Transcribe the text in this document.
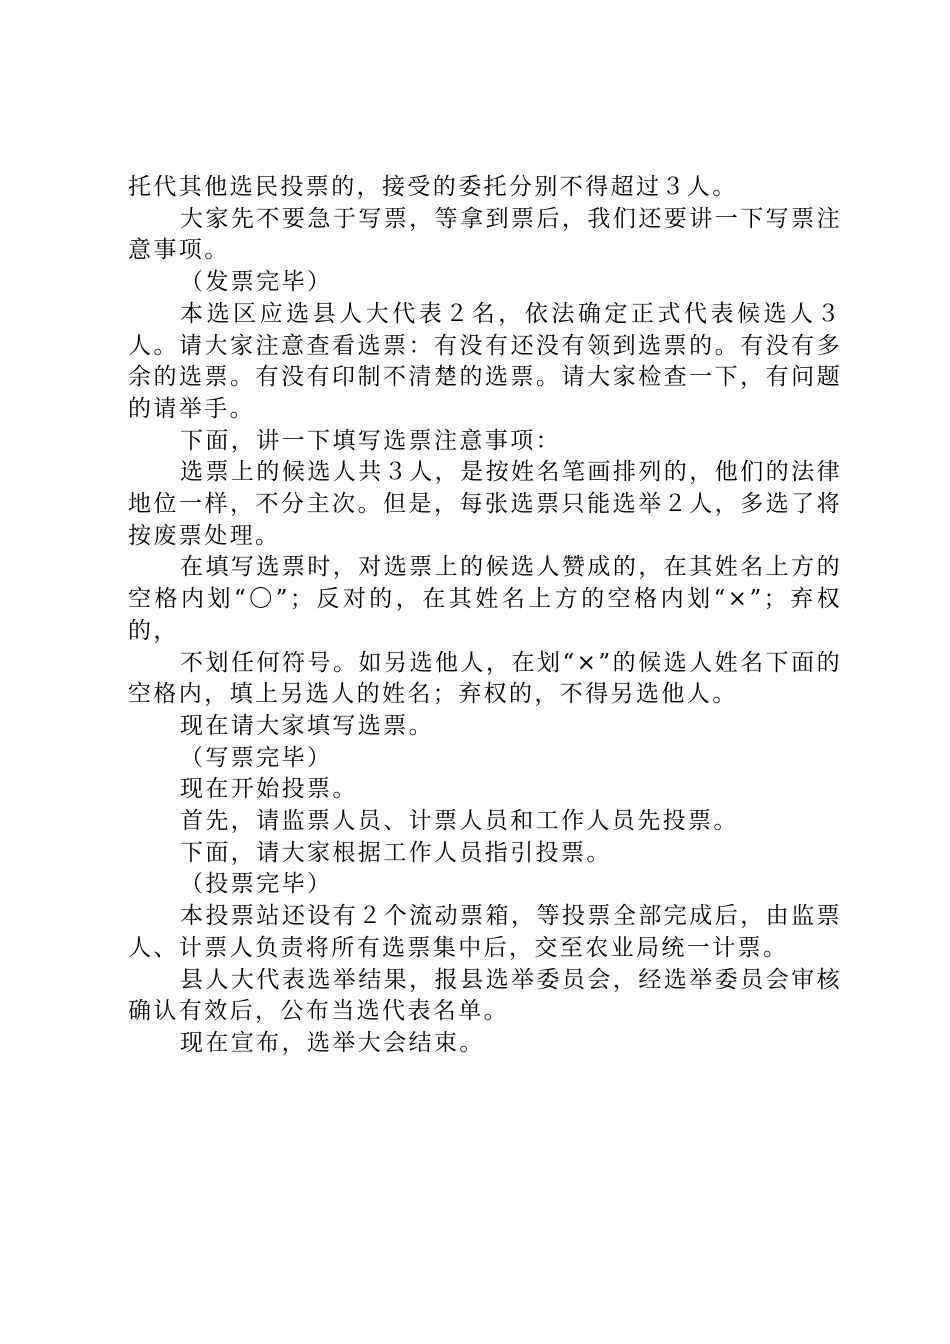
托代其他选民投票的，接受的委托分别不得超过３人。

大家先不要急于写票，等拿到票后，我们还要讲一下写票注意事项。

（发票完毕）

本选区应选县人大代表２名，依法确定正式代表候选人３人。请大家注意查看选票：有没有还没有领到选票的。有没有多余的选票。有没有印制不清楚的选票。请大家检查一下，有问题的请举手。

下面，讲一下填写选票注意事项：

选票上的候选人共３人，是按姓名笔画排列的，他们的法律地位一样，不分主次。但是，每张选票只能选举２人，多选了将按废票处理。

在填写选票时，对选票上的候选人赞成的，在其姓名上方的空格内划“〇”；反对的，在其姓名上方的空格内划“×”；弃权的，

不划任何符号。如另选他人，在划“×”的候选人姓名下面的空格内，填上另选人的姓名；弃权的，不得另选他人。

现在请大家填写选票。

（写票完毕）

现在开始投票。

首先，请监票人员、计票人员和工作人员先投票。

下面，请大家根据工作人员指引投票。

（投票完毕）

本投票站还设有２个流动票箱，等投票全部完成后，由监票人、计票人负责将所有选票集中后，交至农业局统一计票。

县人大代表选举结果，报县选举委员会，经选举委员会审核确认有效后，公布当选代表名单。

现在宣布，选举大会结束。
